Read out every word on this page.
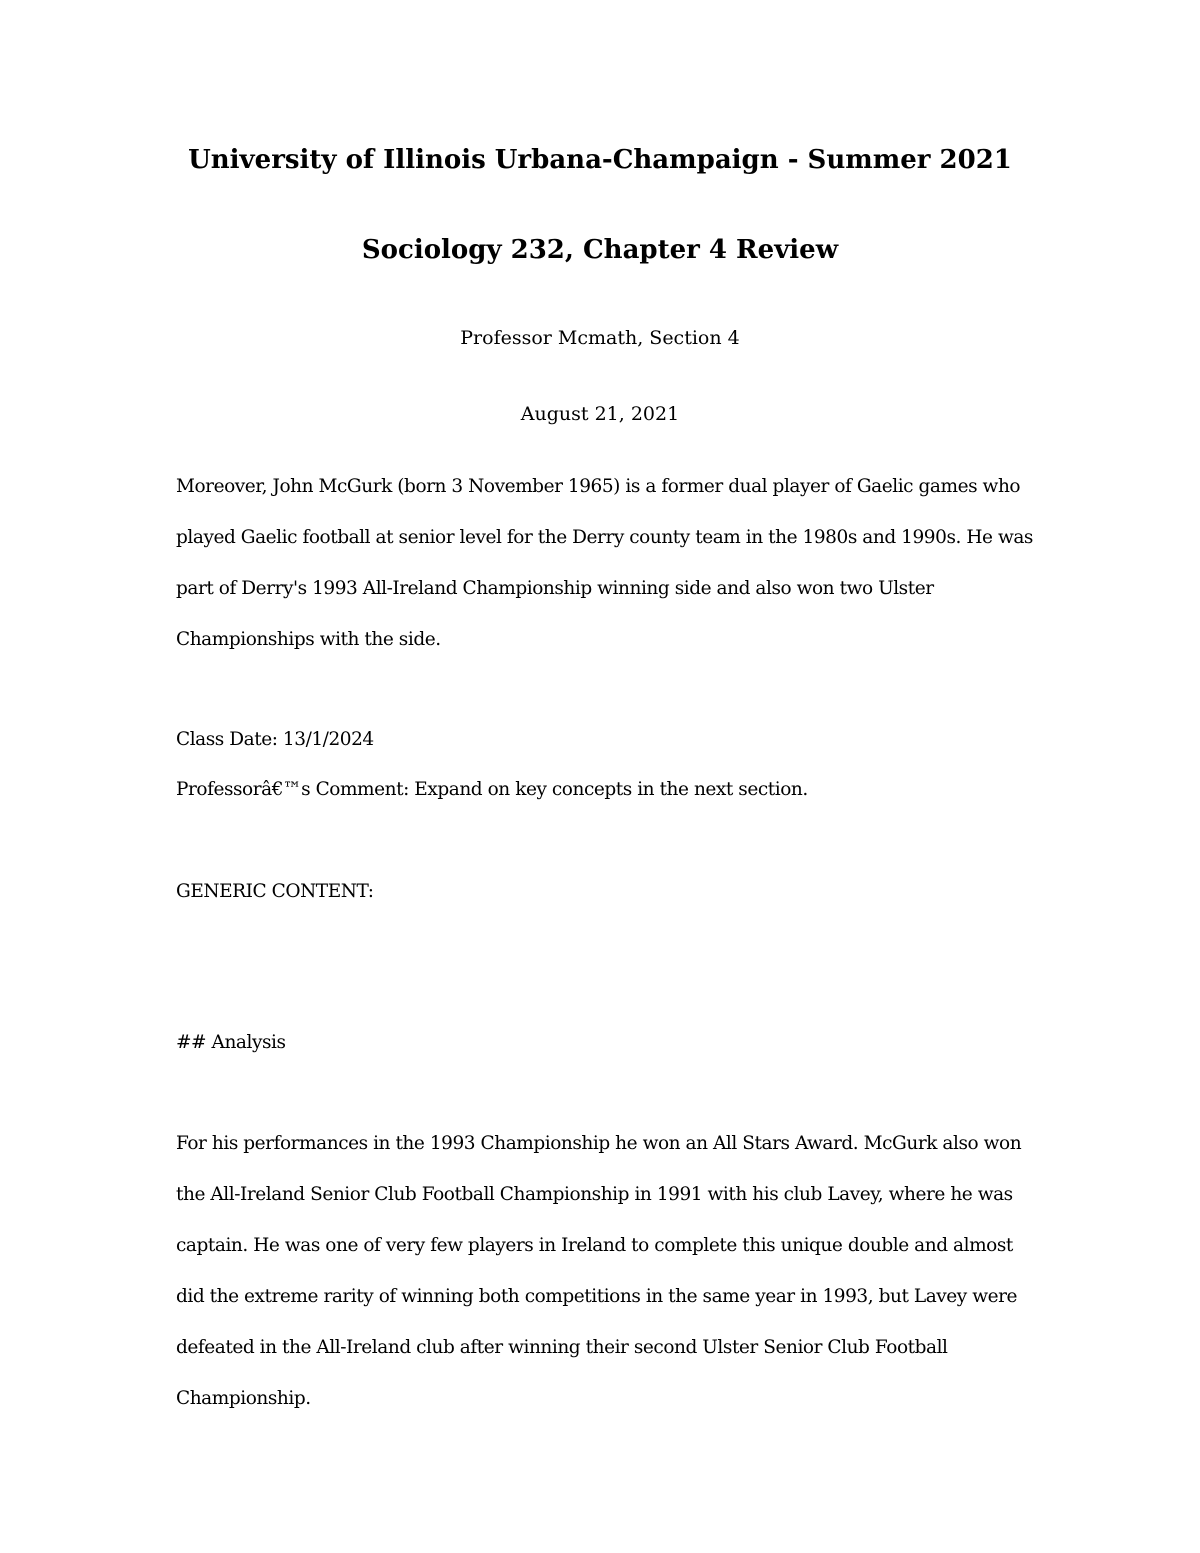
University of Illinois Urbana-Champaign - Summer 2021
Sociology 232, Chapter 4 Review
Professor Mcmath, Section 4
August 21, 2021

Moreover, John McGurk (born 3 November 1965) is a former dual player of Gaelic games who played Gaelic football at senior level for the Derry county team in the 1980s and 1990s. He was part of Derry's 1993 All-Ireland Championship winning side and also won two Ulster Championships with the side.

Class Date: 13/1/2024
Professorâ€™s Comment: Expand on key concepts in the next section.
GENERIC CONTENT:
## Analysis

For his performances in the 1993 Championship he won an All Stars Award. McGurk also won the All-Ireland Senior Club Football Championship in 1991 with his club Lavey, where he was captain. He was one of very few players in Ireland to complete this unique double and almost did the extreme rarity of winning both competitions in the same year in 1993, but Lavey were defeated in the All-Ireland club after winning their second Ulster Senior Club Football Championship.
